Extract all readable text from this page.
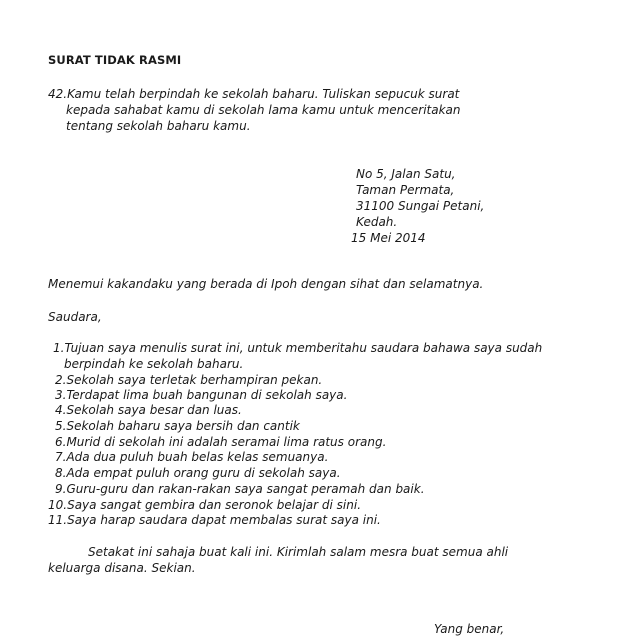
SURAT TIDAK RASMI
42.Kamu telah berpindah ke sekolah baharu. Tuliskan sepucuk surat
kepada sahabat kamu di sekolah lama kamu untuk menceritakan
tentang sekolah baharu kamu.
No 5, Jalan Satu,
Taman Permata,
31100 Sungai Petani,
Kedah.
15 Mei 2014
Menemui kakandaku yang berada di Ipoh dengan sihat dan selamatnya.
Saudara,
1.Tujuan saya menulis surat ini, untuk memberitahu saudara bahawa saya sudah
berpindah ke sekolah baharu.
2.Sekolah saya terletak berhampiran pekan.
3.Terdapat lima buah bangunan di sekolah saya.
4.Sekolah saya besar dan luas.
5.Sekolah baharu saya bersih dan cantik
6.Murid di sekolah ini adalah seramai lima ratus orang.
7.Ada dua puluh buah belas kelas semuanya.
8.Ada empat puluh orang guru di sekolah saya.
9.Guru-guru dan rakan-rakan saya sangat peramah dan baik.
10.Saya sangat gembira dan seronok belajar di sini.
11.Saya harap saudara dapat membalas surat saya ini.
Setakat ini sahaja buat kali ini. Kirimlah salam mesra buat semua ahli
keluarga disana. Sekian.
Yang benar,
